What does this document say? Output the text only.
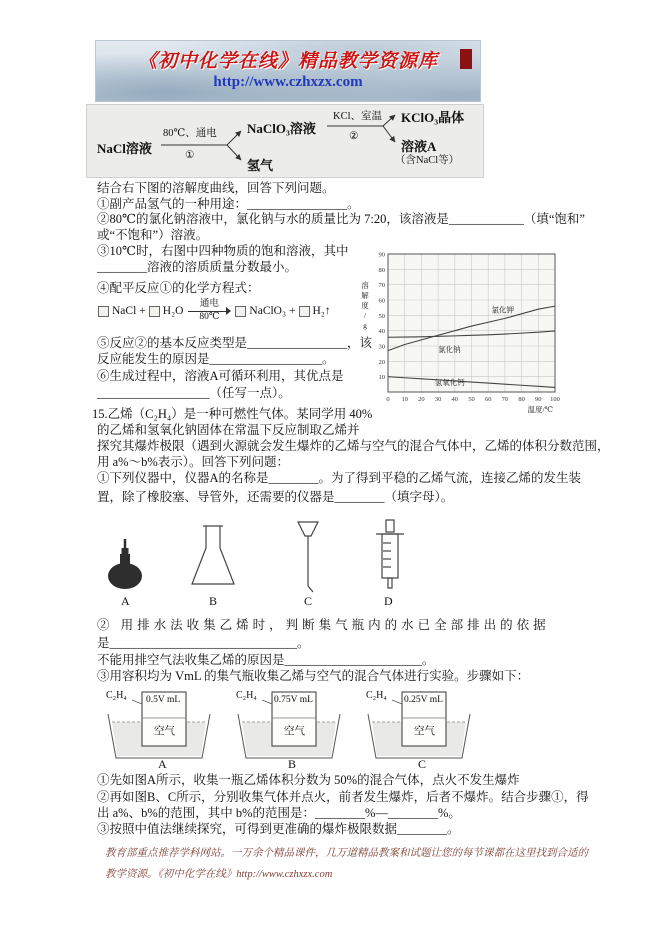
《初中化学在线》精品教学资源库
http://www.czhxzx.com
NaCl溶液
80℃、通电
①
NaClO₃溶液
氢气
KCl、室温
②
KClO₃晶体
溶液A
（含NaCl等）
结合右下图的溶解度曲线，回答下列问题。
①副产品氢气的一种用途：________________。
②80℃的氯化钠溶液中，氯化钠与水的质量比为 7:20，该溶液是____________（填“饱和”
或“不饱和”）溶液。
③10℃时，右图中四种物质的饱和溶液，其中
________溶液的溶质质量分数最小。
④配平反应①的化学方程式：
NaCl + H₂O
通电
80℃	NaClO₃ + H₂↑
⑤反应②的基本反应类型是________________，该
反应能发生的原因是__________________。
⑥生成过程中，溶液A可循环利用，其优点是
__________________（任写一点）。	0 10 20 30 40 50 60 70 80 90 100
10
20
30
40
50
60
70
80
90
氯化钾
氯化钠
氢氧化钙
温度/℃
溶
解
度
/
g
15.乙烯（C₂H₄）是一种可燃性气体。某同学用 40%
的乙烯和氢氧化钠固体在常温下反应制取乙烯并
探究其爆炸极限（遇到火源就会发生爆炸的乙烯与空气的混合气体中，乙烯的体积分数范围，
用 a%～b%表示）。回答下列问题：
①下列仪器中，仪器A的名称是________。为了得到平稳的乙烯气流，连接乙烯的发生装
置，除了橡胶塞、导管外，还需要的仪器是________（填字母）。
A	B	C	D
② 用排水法收集乙烯时，判断集气瓶内的水已全部排出的依据
是______________________________。
不能用排空气法收集乙烯的原因是______________________。
③用容积均为 VmL 的集气瓶收集乙烯与空气的混合气体进行实验。步骤如下：
C₂H₄ 0.5V mL
空气
A
C₂H₄ 0.75V mL
空气
B
C₂H₄ 0.25V mL
空气
C
①先如图A所示，收集一瓶乙烯体积分数为 50%的混合气体，点火不发生爆炸
②再如图B、C所示，分别收集气体并点火，前者发生爆炸，后者不爆炸。结合步骤①，得
出 a%、b%的范围，其中 b%的范围是：________%—________%。
③按照中值法继续探究，可得到更准确的爆炸极限数据________。
教育部重点推荐学科网站。一万余个精品课件，几万道精品教案和试题让您的每节课都在这里找到合适的
教学资源。《初中化学在线》http://www.czhxzx.com
